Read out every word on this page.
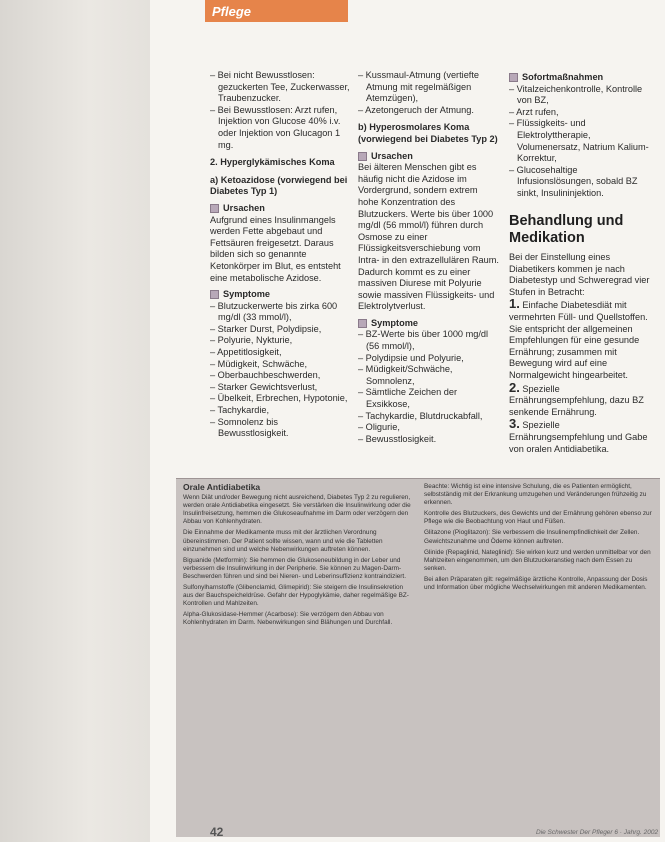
Pflege
– Bei nicht Bewusstlosen: gezuckerten Tee, Zuckerwasser, Traubenzucker.
– Bei Bewusstlosen: Arzt rufen, Injektion von Glucose 40% i.v. oder Injektion von Glucagon 1 mg.

2. Hyperglykämisches Koma

a) Ketoazidose (vorwiegend bei Diabetes Typ 1)

Ursachen

Aufgrund eines Insulinmangels werden Fette abgebaut und Fettsäuren freigesetzt. Daraus bilden sich so genannte Ketonkörper im Blut, es entsteht eine metabolische Azidose.

Symptome
– Blutzuckerwerte bis zirka 600 mg/dl (33 mmol/l),
– Starker Durst, Polydipsie,
– Polyurie, Nykturie,
– Appetitlosigkeit,
– Müdigkeit, Schwäche,
– Oberbauchbeschwerden,
– Starker Gewichtsverlust,
– Übelkeit, Erbrechen, Hypotonie,
– Tachykardie,
– Somnolenz bis Bewusstlosigkeit.
– Kussmaul-Atmung (vertiefte Atmung mit regelmäßigen Atemzügen),
– Azetongeruch der Atmung.

b) Hyperosmolares Koma (vorwiegend bei Diabetes Typ 2)

Ursachen

Bei älteren Menschen gibt es häufig nicht die Azidose im Vordergrund, sondern extrem hohe Konzentration des Blutzuckers. Werte bis über 1000 mg/dl (56 mmol/l) führen durch Osmose zu einer Flüssigkeitsverschiebung vom Intra- in den extrazellulären Raum. Dadurch kommt es zu einer massiven Diurese mit Polyurie sowie massiven Flüssigkeits- und Elektrolytverlust.

Symptome
– BZ-Werte bis über 1000 mg/dl (56 mmol/l),
– Polydipsie und Polyurie,
– Müdigkeit/Schwäche, Somnolenz,
– Sämtliche Zeichen der Exsikkose,
– Tachykardie, Blutdruckabfall,
– Oligurie,
– Bewusstlosigkeit.
Sofortmaßnahmen
– Vitalzeichenkontrolle, Kontrolle von BZ,
– Arzt rufen,
– Flüssigkeits- und Elektrolyttherapie, Volumenersatz, Natrium Kalium-Korrektur,
– Glucosehaltige Infusionslösungen, sobald BZ sinkt, Insulininjektion.
Behandlung und Medikation

Bei der Einstellung eines Diabetikers kommen je nach Diabetestyp und Schweregrad vier Stufen in Betracht:

1. Einfache Diabetesdiät mit vermehrten Füll- und Quellstoffen. Sie entspricht der allgemeinen Empfehlungen für eine gesunde Ernährung; zusammen mit Bewegung wird auf eine Normalgewicht hingearbeitet.

2. Spezielle Ernährungsempfehlung, dazu BZ senkende Ernährung.

3. Spezielle Ernährungsempfehlung und Gabe von oralen Antidiabetika.

Orale Antidiabetika

Wenn Diät und/oder Bewegung nicht ausreichend, Diabetes Typ 2 zu regulieren, werden orale Antidiabetika eingesetzt. Sie verstärken die Insulinwirkung oder die Insulinfreisetzung, hemmen die Glukoseaufnahme im Darm oder verzögern den Abbau von Kohlenhydraten.

Die Einnahme der Medikamente muss mit der ärztlichen Verordnung übereinstimmen. Der Patient sollte wissen, wann und wie die Tabletten einzunehmen sind und welche Nebenwirkungen auftreten können.

Biguanide (Metformin): Sie hemmen die Glukoseneubildung in der Leber und verbessern die Insulinwirkung in der Peripherie. Sie können zu Magen-Darm-Beschwerden führen und sind bei Nieren- und Leberinsuffizienz kontraindiziert.

Sulfonylharnstoffe (Glibenclamid, Glimepirid): Sie steigern die Insulinsekretion aus der Bauchspeicheldrüse. Gefahr der Hypoglykämie, daher regelmäßige BZ-Kontrollen und Mahlzeiten.

Alpha-Glukosidase-Hemmer (Acarbose): Sie verzögern den Abbau von Kohlenhydraten im Darm. Nebenwirkungen sind Blähungen und Durchfall.

Beachte: Wichtig ist eine intensive Schulung, die es Patienten ermöglicht, selbstständig mit der Erkrankung umzugehen und Veränderungen frühzeitig zu erkennen.

Kontrolle des Blutzuckers, des Gewichts und der Ernährung gehören ebenso zur Pflege wie die Beobachtung von Haut und Füßen.

Glitazone (Pioglitazon): Sie verbessern die Insulinempfindlichkeit der Zellen. Gewichtszunahme und Ödeme können auftreten.

Glinide (Repaglinid, Nateglinid): Sie wirken kurz und werden unmittelbar vor den Mahlzeiten eingenommen, um den Blutzuckeranstieg nach dem Essen zu senken.

Bei allen Präparaten gilt: regelmäßige ärztliche Kontrolle, Anpassung der Dosis und Information über mögliche Wechselwirkungen mit anderen Medikamenten.

42	Die Schwester Der Pfleger 6 · Jahrg. 2002
